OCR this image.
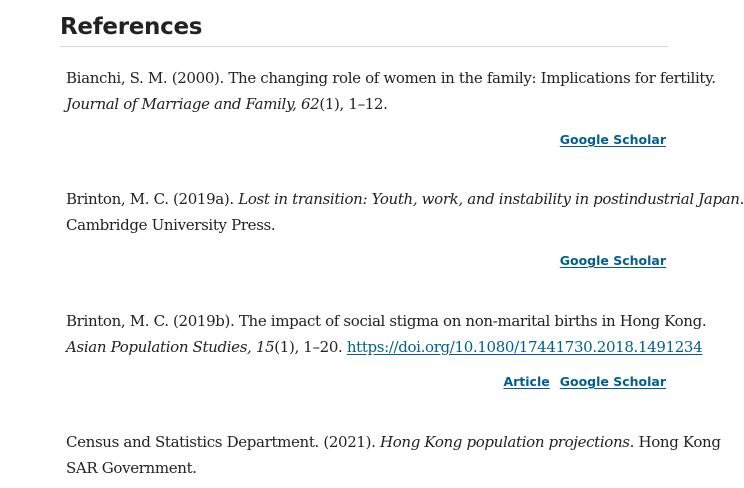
References
Bianchi, S. M. (2000). The changing role of women in the family: Implications for fertility.
Journal of Marriage and Family, 62(1), 1–12.
Google Scholar
Brinton, M. C. (2019a). Lost in transition: Youth, work, and instability in postindustrial Japan.
Cambridge University Press.
Google Scholar
Brinton, M. C. (2019b). The impact of social stigma on non-marital births in Hong Kong.
Asian Population Studies, 15(1), 1–20. https://doi.org/10.1080/17441730.2018.1491234
Article Google Scholar
Census and Statistics Department. (2021). Hong Kong population projections. Hong Kong
SAR Government.
